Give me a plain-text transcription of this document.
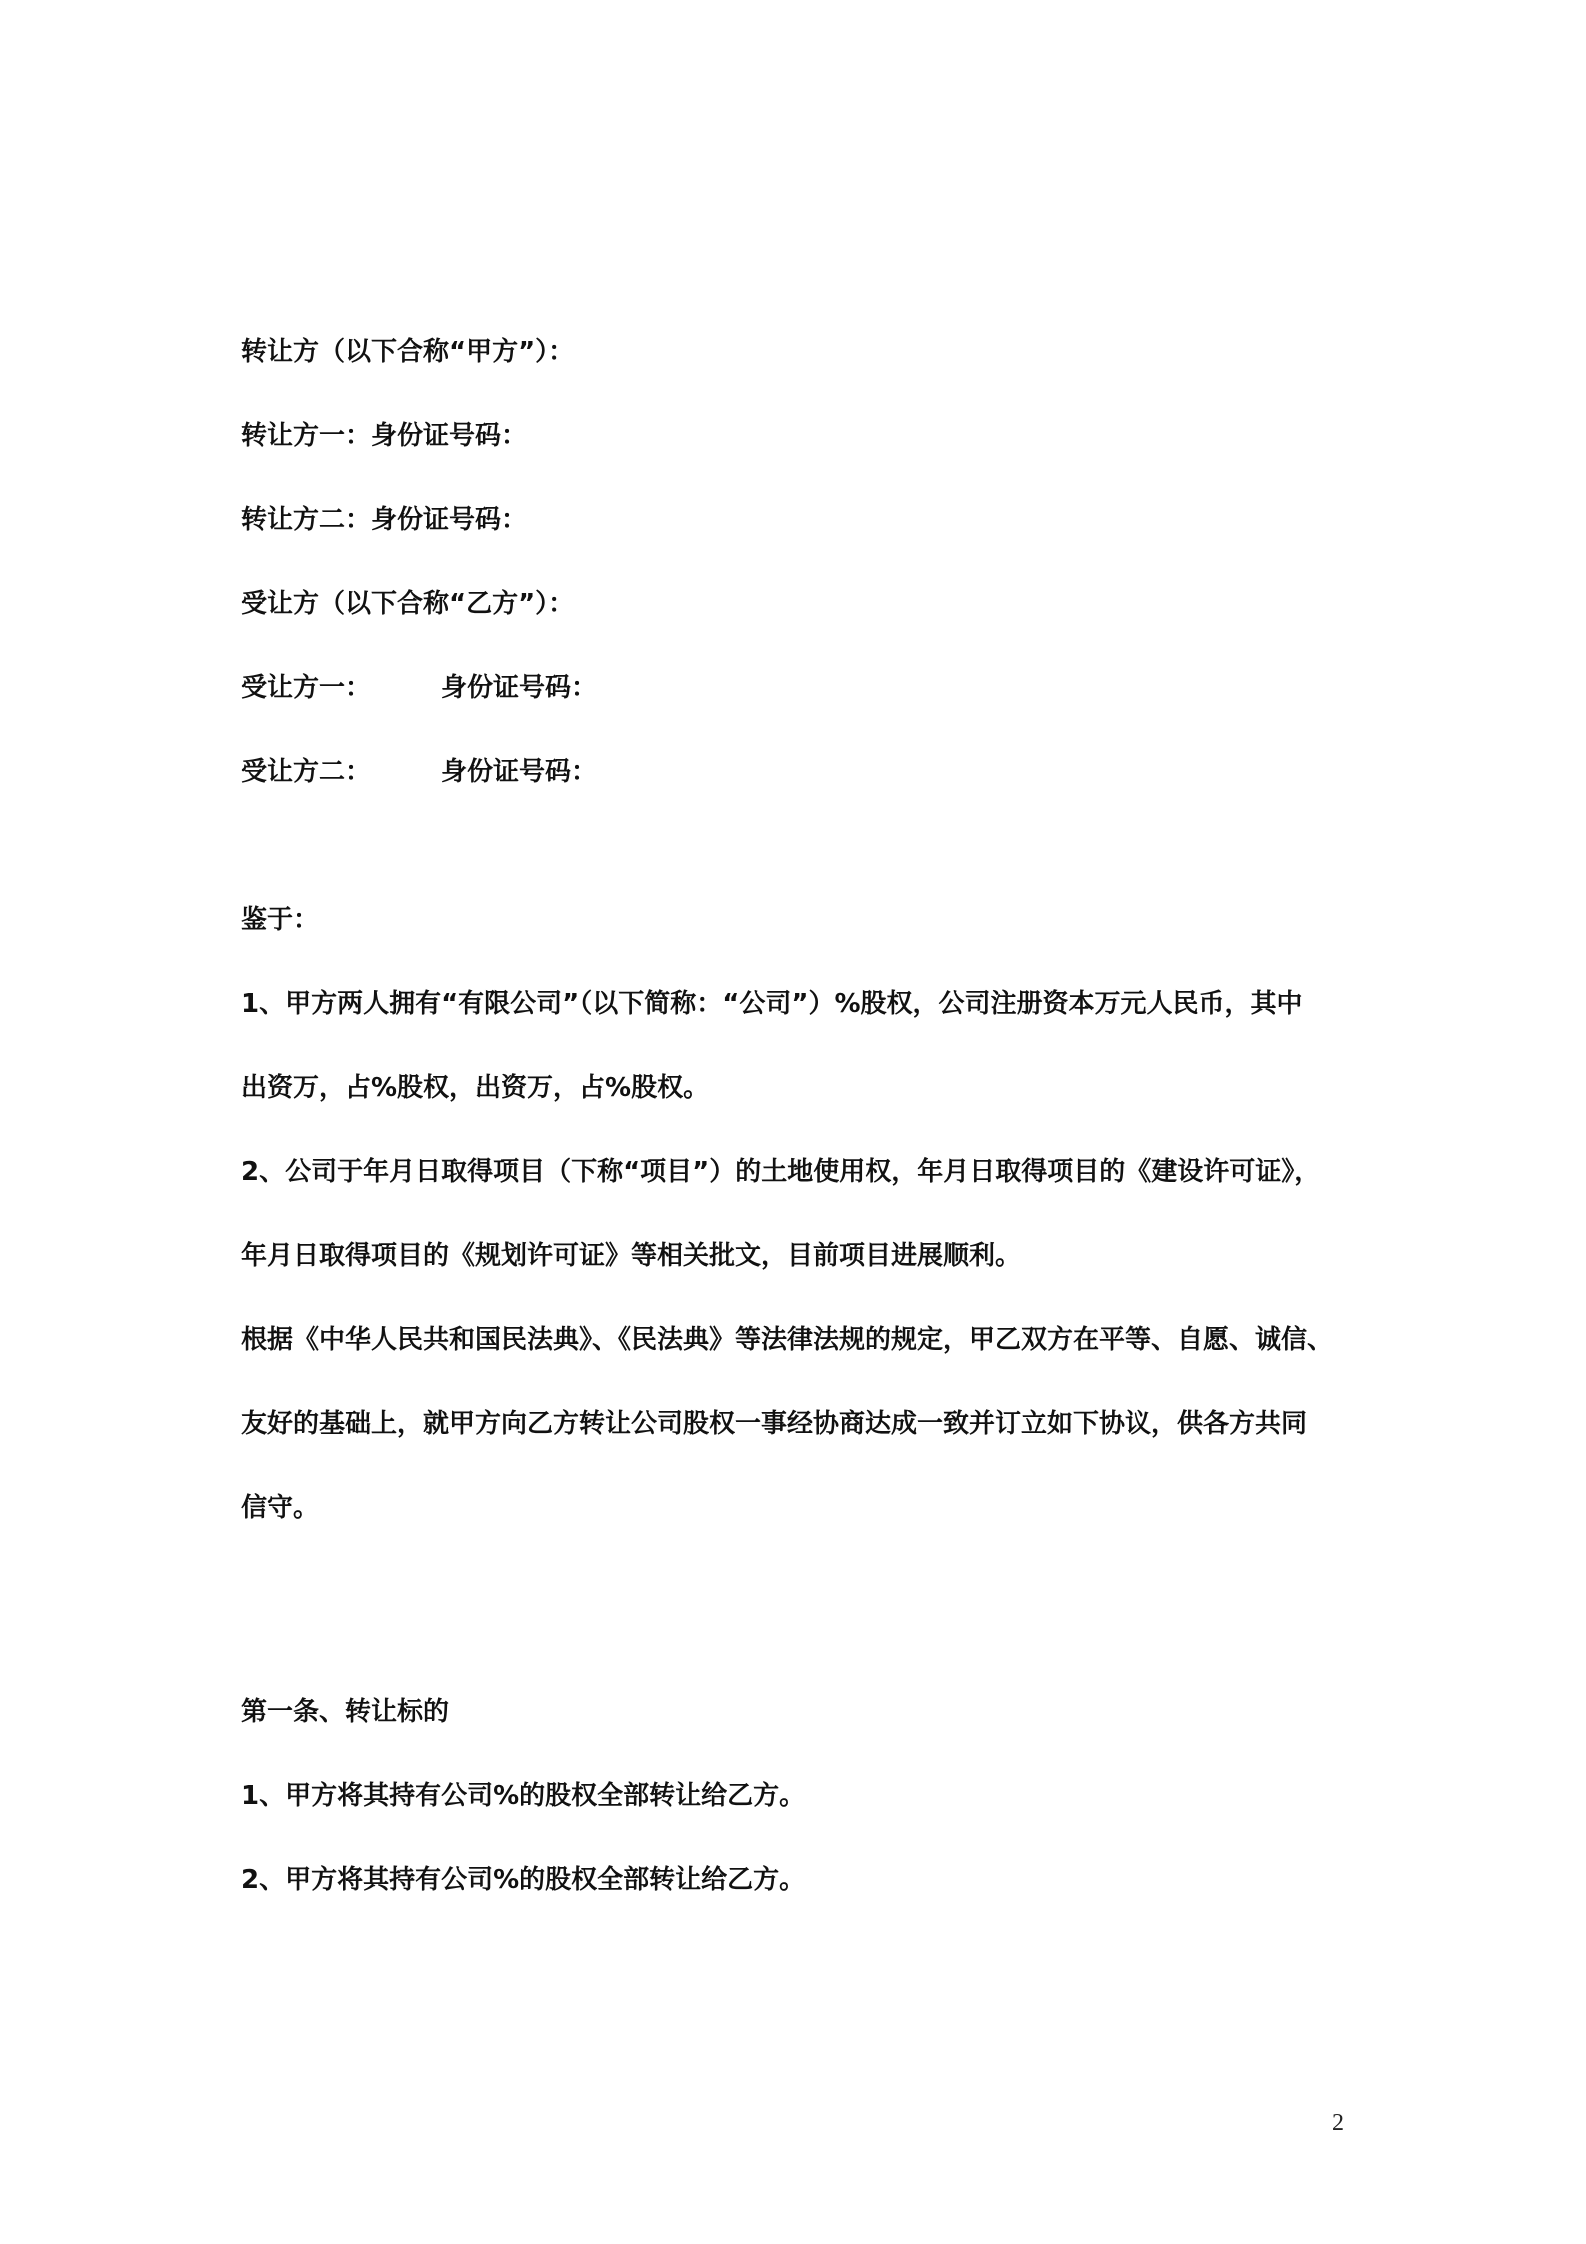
转让方（以下合称“甲方”）：
转让方一：身份证号码：
转让方二：身份证号码：
受让方（以下合称“乙方”）：
受让方一：	身份证号码：
受让方二：	身份证号码：
鉴于：
1、甲方两人拥有“有限公司”（以下简称：“公司”）%股权，公司注册资本万元人民币，其中
出资万，占%股权，出资万，占%股权。
2、公司于年月日取得项目（下称“项目”）的土地使用权，年月日取得项目的《建设许可证》，
年月日取得项目的《规划许可证》等相关批文，目前项目进展顺利。
根据《中华人民共和国民法典》、《民法典》等法律法规的规定，甲乙双方在平等、自愿、诚信、
友好的基础上，就甲方向乙方转让公司股权一事经协商达成一致并订立如下协议，供各方共同
信守。
第一条、转让标的
1、甲方将其持有公司%的股权全部转让给乙方。
2、甲方将其持有公司%的股权全部转让给乙方。
2
